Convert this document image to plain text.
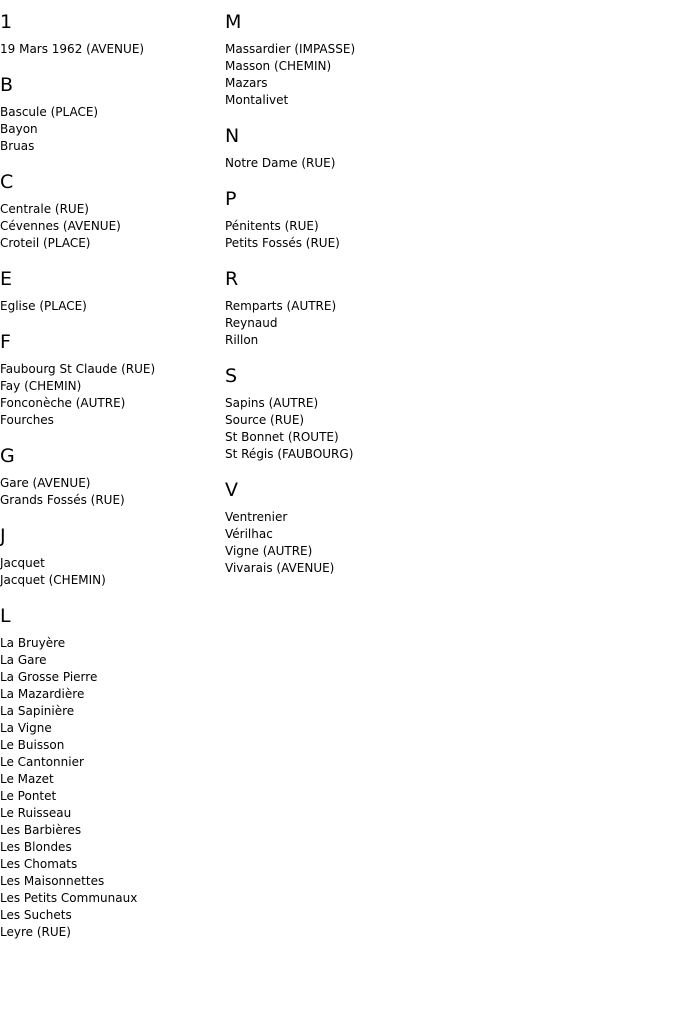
1
19 Mars 1962 (AVENUE)
B
Bascule (PLACE)
Bayon
Bruas
C
Centrale (RUE)
Cévennes (AVENUE)
Croteil (PLACE)
E
Eglise (PLACE)
F
Faubourg St Claude (RUE)
Fay (CHEMIN)
Fonconèche (AUTRE)
Fourches
G
Gare (AVENUE)
Grands Fossés (RUE)
J
Jacquet
Jacquet (CHEMIN)
L
La Bruyère
La Gare
La Grosse Pierre
La Mazardière
La Sapinière
La Vigne
Le Buisson
Le Cantonnier
Le Mazet
Le Pontet
Le Ruisseau
Les Barbières
Les Blondes
Les Chomats
Les Maisonnettes
Les Petits Communaux
Les Suchets
Leyre (RUE)
M
Massardier (IMPASSE)
Masson (CHEMIN)
Mazars
Montalivet
N
Notre Dame (RUE)
P
Pénitents (RUE)
Petits Fossés (RUE)
R
Remparts (AUTRE)
Reynaud
Rillon
S
Sapins (AUTRE)
Source (RUE)
St Bonnet (ROUTE)
St Régis (FAUBOURG)
V
Ventrenier
Vérilhac
Vigne (AUTRE)
Vivarais (AVENUE)
